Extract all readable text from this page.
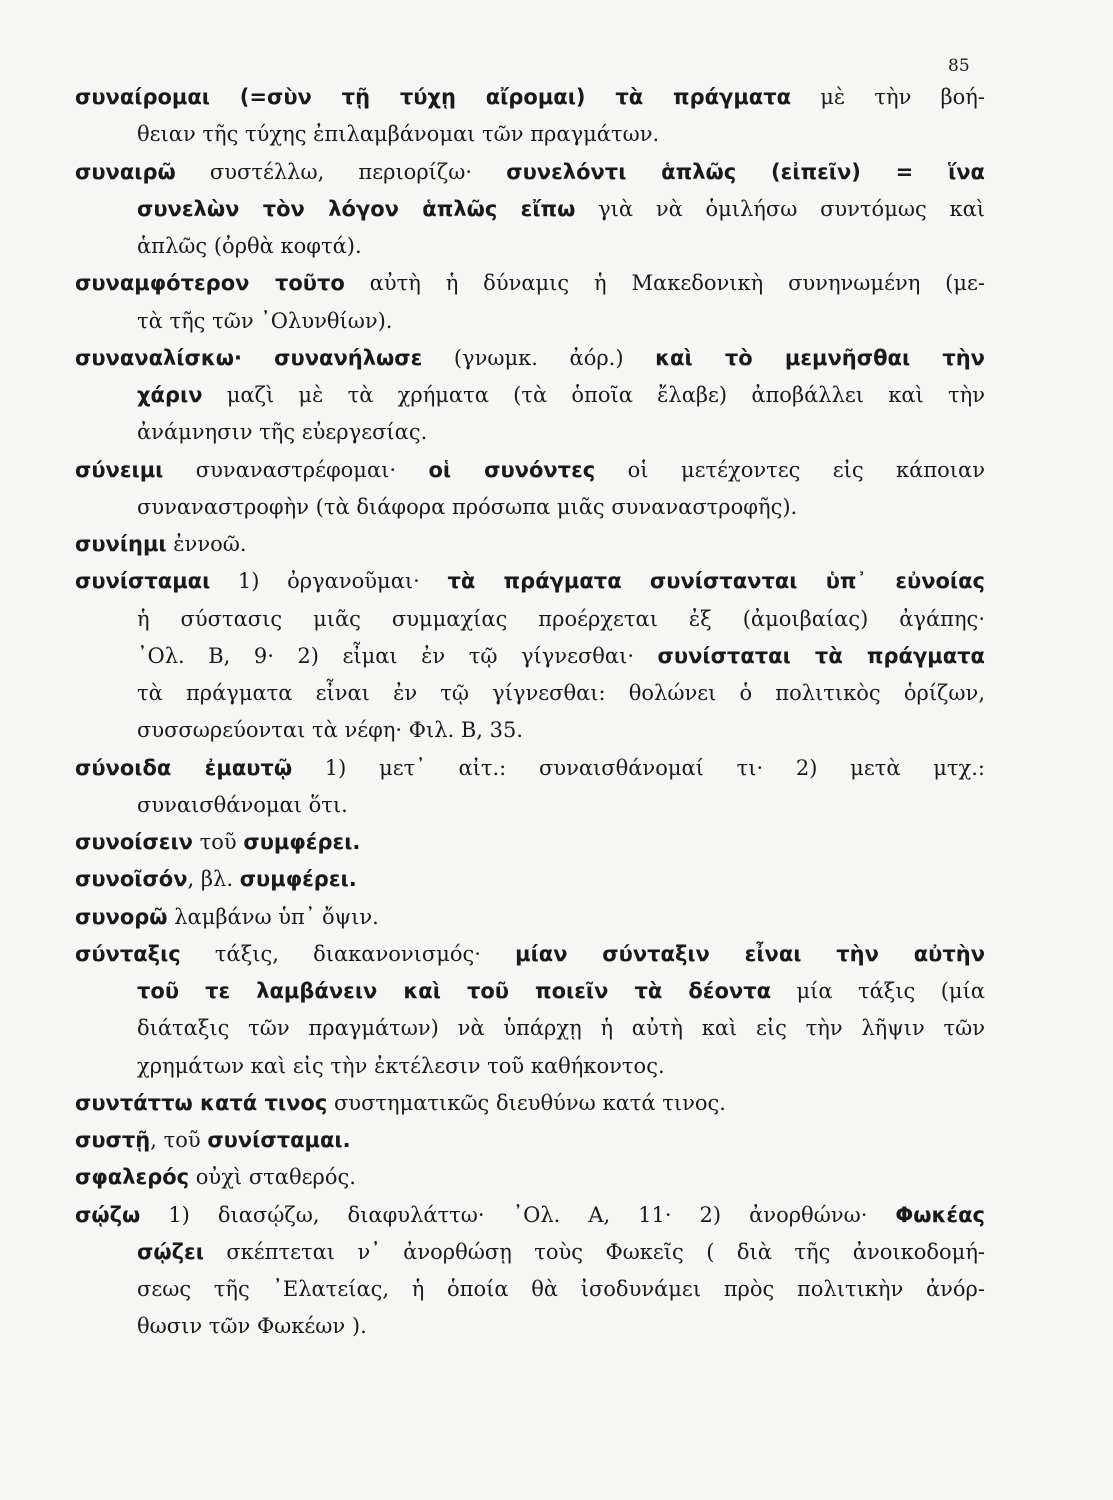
85
συναίρομαι (=σὺν τῇ τύχῃ αἴρομαι) τὰ πράγματα μὲ τὴν βοή-
θειαν τῆς τύχης ἐπιλαμβάνομαι τῶν πραγμάτων.
συναιρῶ συστέλλω, περιορίζω· συνελόντι ἁπλῶς (εἰπεῖν) = ἵνα
συνελὼν τὸν λόγον ἁπλῶς εἴπω γιὰ νὰ ὁμιλήσω συντόμως καὶ
ἁπλῶς (ὀρθὰ κοφτά).
συναμφότερον τοῦτο αὐτὴ ἡ δύναμις ἡ Μακεδονικὴ συνηνωμένη (με-
τὰ τῆς τῶν ᾿Ολυνθίων).
συναναλίσκω· συνανήλωσε (γνωμκ. ἀόρ.) καὶ τὸ μεμνῆσθαι τὴν
χάριν μαζὶ μὲ τὰ χρήματα (τὰ ὁποῖα ἔλαβε) ἀποβάλλει καὶ τὴν
ἀνάμνησιν τῆς εὐεργεσίας.
σύνειμι συναναστρέφομαι· οἱ συνόντες οἱ μετέχοντες εἰς κάποιαν
συναναστροφὴν (τὰ διάφορα πρόσωπα μιᾶς συναναστροφῆς).
συνίημι ἐννοῶ.
συνίσταμαι 1) ὀργανοῦμαι· τὰ πράγματα συνίστανται ὑπ᾿ εὐνοίας
ἡ σύστασις μιᾶς συμμαχίας προέρχεται ἐξ (ἀμοιβαίας) ἀγάπης·
᾿Ολ. Β, 9· 2) εἶμαι ἐν τῷ γίγνεσθαι· συνίσταται τὰ πράγματα
τὰ πράγματα εἶναι ἐν τῷ γίγνεσθαι: θολώνει ὁ πολιτικὸς ὁρίζων,
συσσωρεύονται τὰ νέφη· Φιλ. Β, 35.
σύνοιδα ἐμαυτῷ 1) μετ᾿ αἰτ.: συναισθάνομαί τι· 2) μετὰ μτχ.:
συναισθάνομαι ὅτι.
συνοίσειν τοῦ συμφέρει.
συνοῖσόν, βλ. συμφέρει.
συνορῶ λαμβάνω ὑπ᾿ ὄψιν.
σύνταξις τάξις, διακανονισμός· μίαν σύνταξιν εἶναι τὴν αὐτὴν
τοῦ τε λαμβάνειν καὶ τοῦ ποιεῖν τὰ δέοντα μία τάξις (μία
διάταξις τῶν πραγμάτων) νὰ ὑπάρχῃ ἡ αὐτὴ καὶ εἰς τὴν λῆψιν τῶν
χρημάτων καὶ εἰς τὴν ἐκτέλεσιν τοῦ καθήκοντος.
συντάττω κατά τινος συστηματικῶς διευθύνω κατά τινος.
συστῇ, τοῦ συνίσταμαι.
σφαλερός οὐχὶ σταθερός.
σῴζω 1) διασῴζω, διαφυλάττω· ᾿Ολ. Α, 11· 2) ἀνορθώνω· Φωκέας
σῴζει σκέπτεται ν᾿ ἀνορθώσῃ τοὺς Φωκεῖς ( διὰ τῆς ἀνοικοδομή-
σεως τῆς ᾿Ελατείας, ἡ ὁποία θὰ ἰσοδυνάμει πρὸς πολιτικὴν ἀνόρ-
θωσιν τῶν Φωκέων ).
